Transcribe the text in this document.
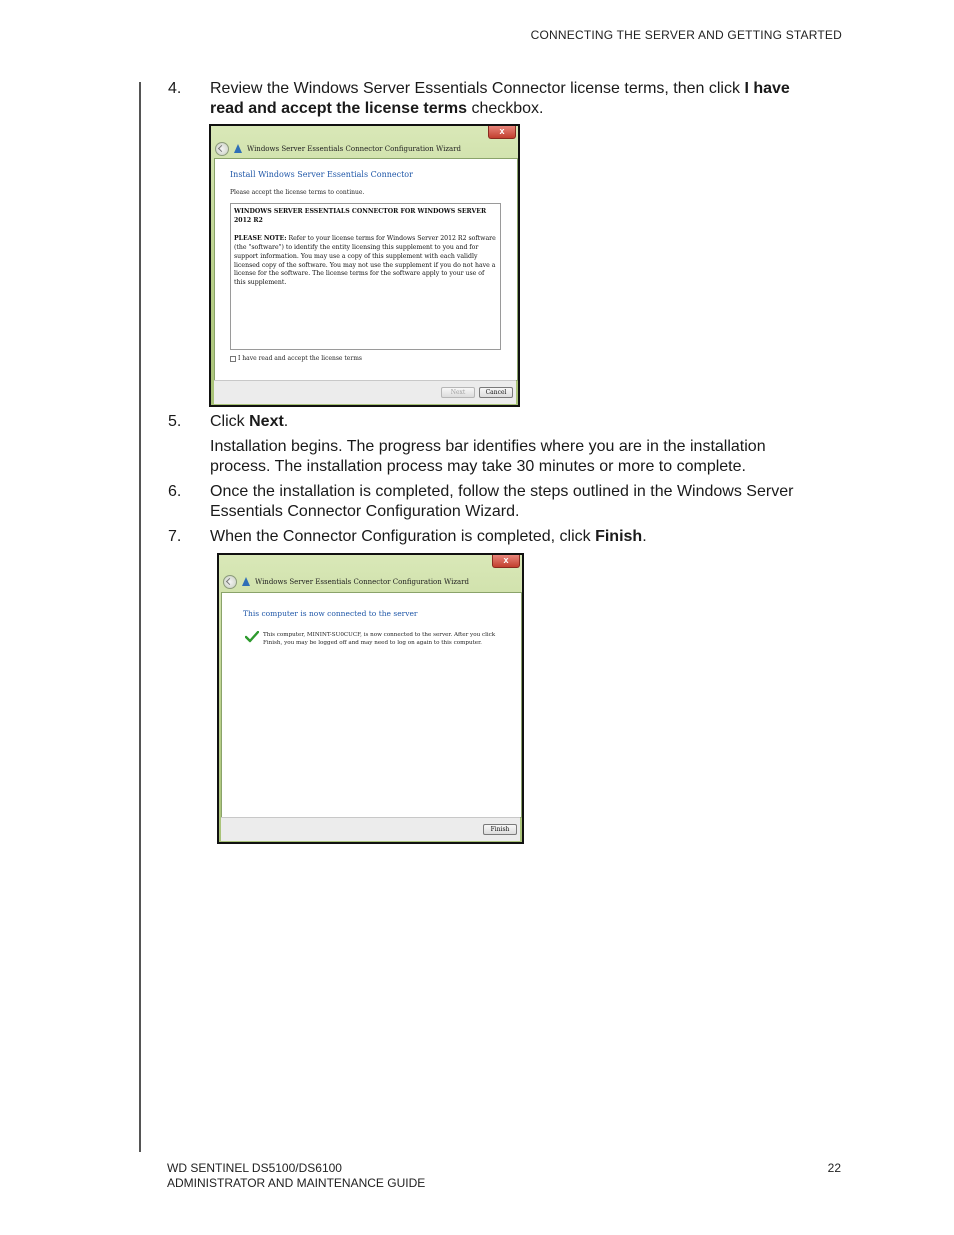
CONNECTING THE SERVER AND GETTING STARTED
4.	Review the Windows Server Essentials Connector license terms, then click I have read and accept the license terms checkbox.
x
Windows Server Essentials Connector Configuration Wizard
Install Windows Server Essentials Connector
Please accept the license terms to continue.
WINDOWS SERVER ESSENTIALS CONNECTOR FOR WINDOWS SERVER 2012 R2
PLEASE NOTE: Refer to your license terms for Windows Server 2012 R2 software (the "software") to identify the entity licensing this supplement to you and for support information. You may use a copy of this supplement with each validly licensed copy of the software. You may not use the supplement if you do not have a license for the software. The license terms for the software apply to your use of this supplement.
I have read and accept the license terms
Next	Cancel
5.	Click Next.
Installation begins. The progress bar identifies where you are in the installation process. The installation process may take 30 minutes or more to complete.
6.	Once the installation is completed, follow the steps outlined in the Windows Server Essentials Connector Configuration Wizard.
7.	When the Connector Configuration is completed, click Finish.
x
Windows Server Essentials Connector Configuration Wizard
This computer is now connected to the server
This computer, MININT-SU0CUCF, is now connected to the server. After you click Finish, you may be logged off and may need to log on again to this computer.
Finish
WD SENTINEL DS5100/DS6100
ADMINISTRATOR AND MAINTENANCE GUIDE
22
